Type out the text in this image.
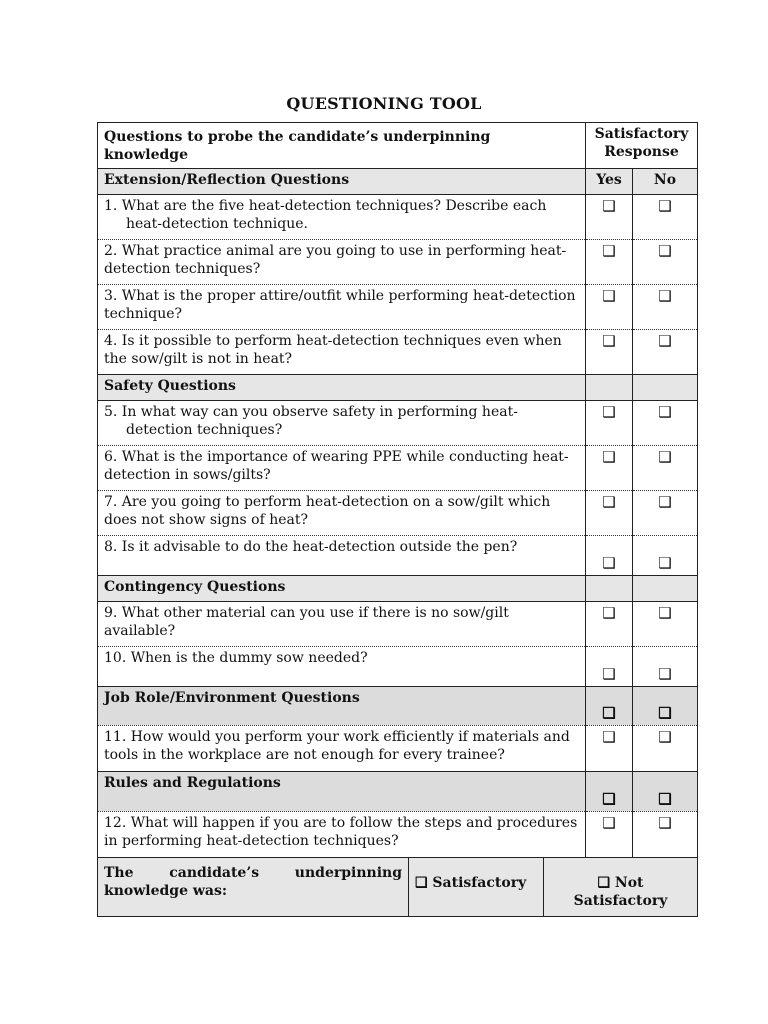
QUESTIONING TOOL
Questions to probe the candidate’s underpinning knowledge	Satisfactory Response	
Extension/Reflection Questions	Yes	No

1. What are the five heat-detection techniques? Describe each heat-detection technique.	❑	❑
2. What practice animal are you going to use in performing heat-detection techniques?	❑	❑
3. What is the proper attire/outfit while performing heat-detection technique?	❑	❑
4. Is it possible to perform heat-detection techniques even when the sow/gilt is not in heat?	❑	❑
Safety Questions		

5. In what way can you observe safety in performing heat-detection techniques?	❑	❑
6. What is the importance of wearing PPE while conducting heat-detection in sows/gilts?	❑	❑
7. Are you going to perform heat-detection on a sow/gilt which does not show signs of heat?	❑	❑
8. Is it advisable to do the heat-detection outside the pen?	❑	❑
Contingency Questions		
9. What other material can you use if there is no sow/gilt available?	❑	❑
10. When is the dummy sow needed?	❑	❑
Job Role/Environment Questions	❑	❑
11. How would you perform your work efficiently if materials and tools in the workplace are not enough for every trainee?	❑	❑
Rules and Regulations	❑	❑
12. What will happen if you are to follow the steps and procedures in performing heat-detection techniques?	❑	❑
The candidate’s underpinning knowledge was:	❑ Satisfactory	❑ Not Satisfactory
